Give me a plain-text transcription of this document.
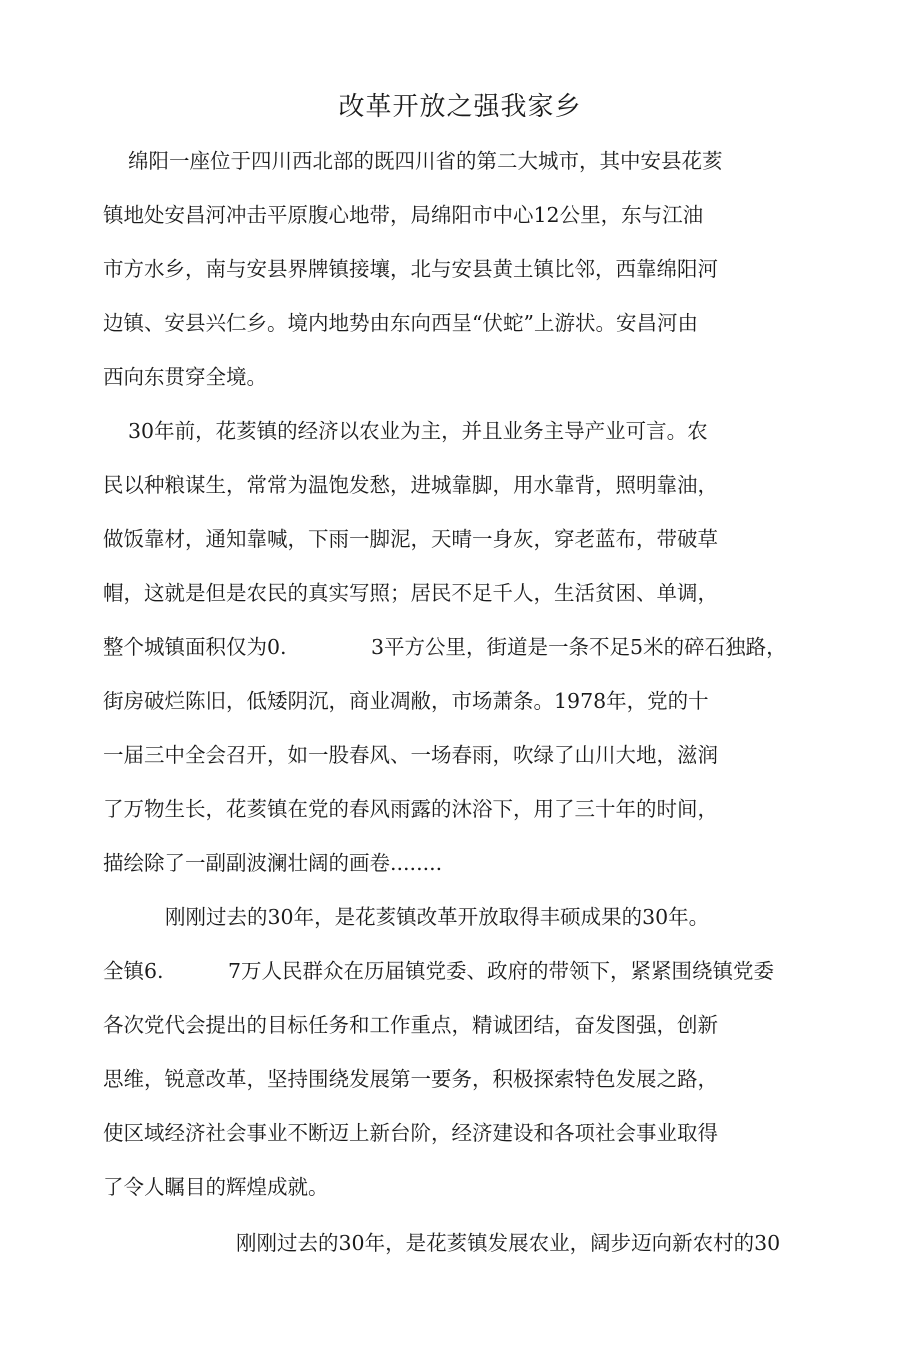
改革开放之强我家乡
绵阳一座位于四川西北部的既四川省的第二大城市，其中安县花荄
镇地处安昌河冲击平原腹心地带，局绵阳市中心12公里，东与江油
市方水乡，南与安县界牌镇接壤，北与安县黄土镇比邻，西靠绵阳河
边镇、安县兴仁乡。境内地势由东向西呈“伏蛇”上游状。安昌河由
西向东贯穿全境。
30年前，花荄镇的经济以农业为主，并且业务主导产业可言。农
民以种粮谋生，常常为温饱发愁，进城靠脚，用水靠背，照明靠油，
做饭靠材，通知靠喊，下雨一脚泥，天晴一身灰，穿老蓝布，带破草
帽，这就是但是农民的真实写照；居民不足千人，生活贫困、单调，
整个城镇面积仅为0.	3平方公里，街道是一条不足5米的碎石独路，
街房破烂陈旧，低矮阴沉，商业凋敝，市场萧条。1978年，党的十
一届三中全会召开，如一股春风、一场春雨，吹绿了山川大地，滋润
了万物生长，花荄镇在党的春风雨露的沐浴下，用了三十年的时间，
描绘除了一副副波澜壮阔的画卷........
刚刚过去的30年，是花荄镇改革开放取得丰硕成果的30年。
全镇6.	7万人民群众在历届镇党委、政府的带领下，紧紧围绕镇党委
各次党代会提出的目标任务和工作重点，精诚团结，奋发图强，创新
思维，锐意改革，坚持围绕发展第一要务，积极探索特色发展之路，
使区域经济社会事业不断迈上新台阶，经济建设和各项社会事业取得
了令人瞩目的辉煌成就。
刚刚过去的30年，是花荄镇发展农业，阔步迈向新农村的30
